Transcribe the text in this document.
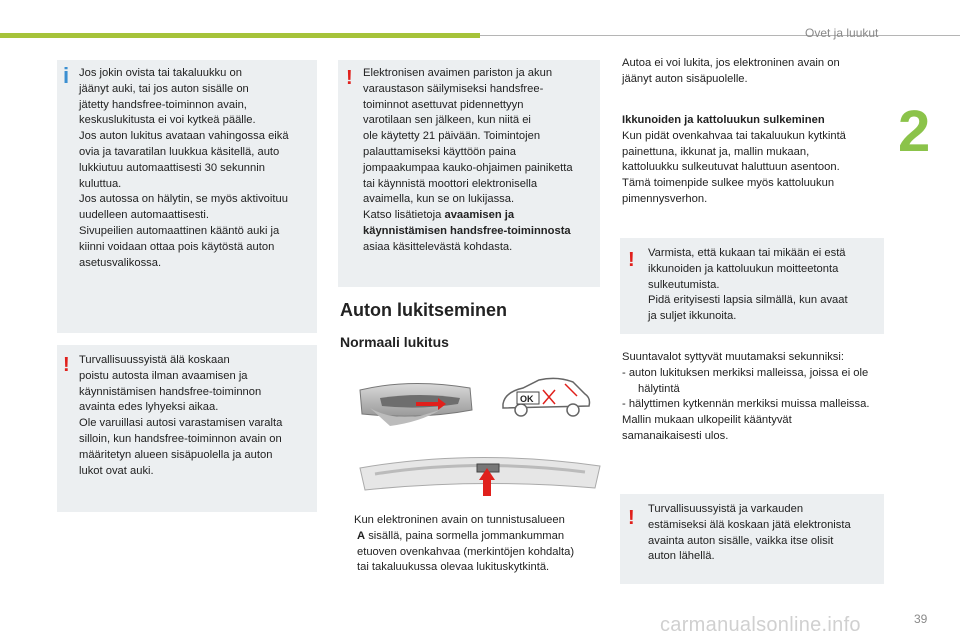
Ovet ja luukut
2
i Jos jokin ovista tai takaluukku on

jäänyt auki, tai jos auton sisälle on

jätetty handsfree-toiminnon avain,

keskuslukitusta ei voi kytkeä päälle.

Jos auton lukitus avataan vahingossa eikä

ovia ja tavaratilan luukkua käsitellä, auto

lukkiutuu automaattisesti 30 sekunnin

kuluttua.

Jos autossa on hälytin, se myös aktivoituu

uudelleen automaattisesti.

Sivupeilien automaattinen kääntö auki ja

kiinni voidaan ottaa pois käytöstä auton

asetusvalikossa.

! Turvallisuussyistä älä koskaan

poistu autosta ilman avaamisen ja

käynnistämisen handsfree-toiminnon

avainta edes lyhyeksi aikaa.

Ole varuillasi autosi varastamisen varalta

silloin, kun handsfree-toiminnon avain on

määritetyn alueen sisäpuolella ja auton

lukot ovat auki.

! Elektronisen avaimen pariston ja akun

varaustason säilymiseksi handsfree-

toiminnot asettuvat pidennettyyn

varotilaan sen jälkeen, kun niitä ei

ole käytetty 21 päivään. Toimintojen

palauttamiseksi käyttöön paina

jompaakumpaa kauko-ohjaimen painiketta

tai käynnistä moottori elektronisella

avaimella, kun se on lukijassa.

Katso lisätietoja avaamisen ja

käynnistämisen handsfree-toiminnosta

asiaa käsittelevästä kohdasta.

Auton lukitseminen
Normaali lukitus
OK

Kun elektroninen avain on tunnistusalueen

A sisällä, paina sormella jommankumman

etuoven ovenkahvaa (merkintöjen kohdalta)

tai takaluukussa olevaa lukituskytkintä.

Autoa ei voi lukita, jos elektroninen avain on

jäänyt auton sisäpuolelle.

Ikkunoiden ja kattoluukun sulkeminen

Kun pidät ovenkahvaa tai takaluukun kytkintä

painettuna, ikkunat ja, mallin mukaan,

kattoluukku sulkeutuvat haluttuun asentoon.

Tämä toimenpide sulkee myös kattoluukun

pimennysverhon.

! Varmista, että kukaan tai mikään ei estä

ikkunoiden ja kattoluukun moitteetonta

sulkeutumista.

Pidä erityisesti lapsia silmällä, kun avaat

ja suljet ikkunoita.

Suuntavalot syttyvät muutamaksi sekunniksi:

- auton lukituksen merkiksi malleissa, joissa ei ole hälytintä
- hälyttimen kytkennän merkiksi muissa malleissa.

Mallin mukaan ulkopeilit kääntyvät

samanaikaisesti ulos.

! Turvallisuussyistä ja varkauden

estämiseksi älä koskaan jätä elektronista

avainta auton sisälle, vaikka itse olisit

auton lähellä.

carmanualsonline.info	39
